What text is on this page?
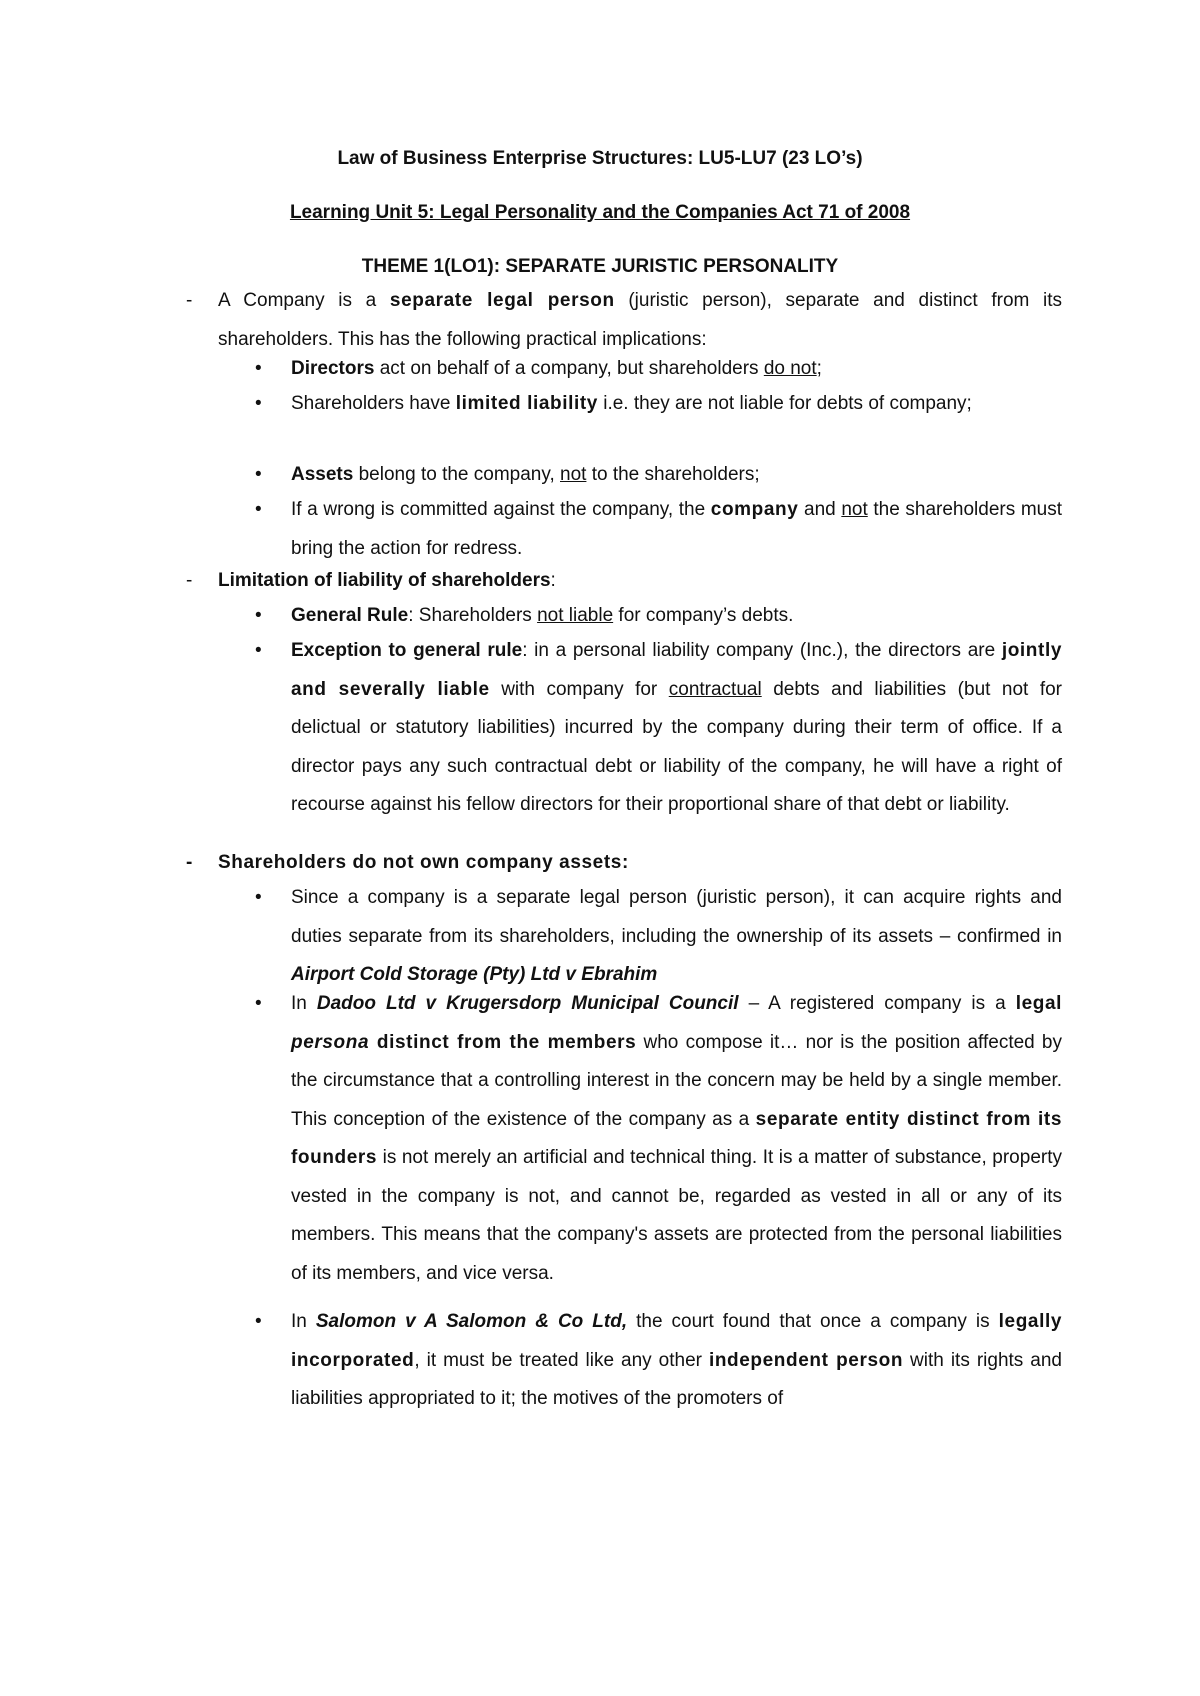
Law of Business Enterprise Structures: LU5-LU7 (23 LO’s)
Learning Unit 5: Legal Personality and the Companies Act 71 of 2008
THEME 1(LO1): SEPARATE JURISTIC PERSONALITY
- A Company is a separate legal person (juristic person), separate and distinct from its shareholders. This has the following practical implications:
• Directors act on behalf of a company, but shareholders do not;
• Shareholders have limited liability i.e. they are not liable for debts of company;
• Assets belong to the company, not to the shareholders;
• If a wrong is committed against the company, the company and not the shareholders must bring the action for redress.
- Limitation of liability of shareholders:
• General Rule: Shareholders not liable for company’s debts.
• Exception to general rule: in a personal liability company (Inc.), the directors are jointly and severally liable with company for contractual debts and liabilities (but not for delictual or statutory liabilities) incurred by the company during their term of office. If a director pays any such contractual debt or liability of the company, he will have a right of recourse against his fellow directors for their proportional share of that debt or liability.
- Shareholders do not own company assets:
• Since a company is a separate legal person (juristic person), it can acquire rights and duties separate from its shareholders, including the ownership of its assets – confirmed in Airport Cold Storage (Pty) Ltd v Ebrahim
• In Dadoo Ltd v Krugersdorp Municipal Council – A registered company is a legal persona distinct from the members who compose it… nor is the position affected by the circumstance that a controlling interest in the concern may be held by a single member. This conception of the existence of the company as a separate entity distinct from its founders is not merely an artificial and technical thing. It is a matter of substance, property vested in the company is not, and cannot be, regarded as vested in all or any of its members. This means that the company's assets are protected from the personal liabilities of its members, and vice versa.
• In Salomon v A Salomon & Co Ltd, the court found that once a company is legally incorporated, it must be treated like any other independent person with its rights and liabilities appropriated to it; the motives of the promoters of
